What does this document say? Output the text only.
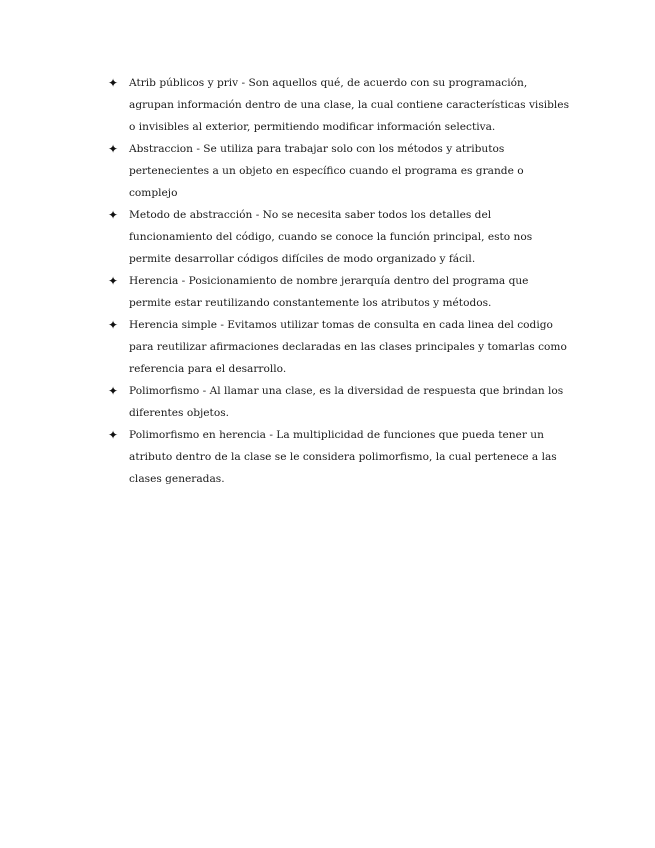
✦ Atrib públicos y priv - Son aquellos qué, de acuerdo con su programación, agrupan información dentro de una clase, la cual contiene características visibles o invisibles al exterior, permitiendo modificar información selectiva.
✦ Abstraccion - Se utiliza para trabajar solo con los métodos y atributos pertenecientes a un objeto en específico cuando el programa es grande o complejo
✦ Metodo de abstracción - No se necesita saber todos los detalles del funcionamiento del código, cuando se conoce la función principal, esto nos permite desarrollar códigos difíciles de modo organizado y fácil.
✦ Herencia - Posicionamiento de nombre jerarquía dentro del programa que permite estar reutilizando constantemente los atributos y métodos.
✦ Herencia simple - Evitamos utilizar tomas de consulta en cada linea del codigo para reutilizar afirmaciones declaradas en las clases principales y tomarlas como referencia para el desarrollo.
✦ Polimorfismo - Al llamar una clase, es la diversidad de respuesta que brindan los diferentes objetos.
✦ Polimorfismo en herencia - La multiplicidad de funciones que pueda tener un atributo dentro de la clase se le considera polimorfismo, la cual pertenece a las clases generadas.
